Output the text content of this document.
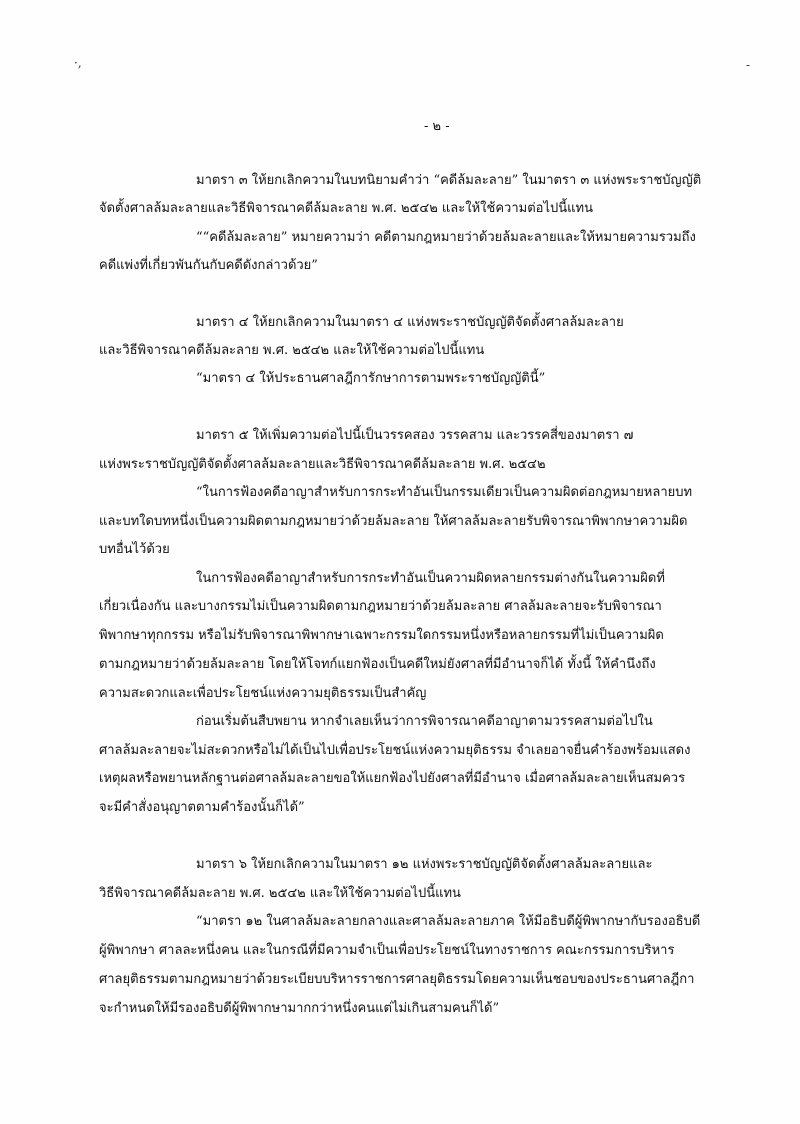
·,	-
- ๒ -
มาตรา ๓ ให้ยกเลิกความในบทนิยามคำว่า “คดีล้มละลาย” ในมาตรา ๓ แห่งพระราชบัญญัติ
จัดตั้งศาลล้มละลายและวิธีพิจารณาคดีล้มละลาย พ.ศ. ๒๕๔๒ และให้ใช้ความต่อไปนี้แทน
““คดีล้มละลาย” หมายความว่า คดีตามกฎหมายว่าด้วยล้มละลายและให้หมายความรวมถึง
คดีแพ่งที่เกี่ยวพันกันกับคดีดังกล่าวด้วย”
มาตรา ๔ ให้ยกเลิกความในมาตรา ๔ แห่งพระราชบัญญัติจัดตั้งศาลล้มละลาย
และวิธีพิจารณาคดีล้มละลาย พ.ศ. ๒๕๔๒ และให้ใช้ความต่อไปนี้แทน
“มาตรา ๔ ให้ประธานศาลฎีการักษาการตามพระราชบัญญัตินี้”
มาตรา ๕ ให้เพิ่มความต่อไปนี้เป็นวรรคสอง วรรคสาม และวรรคสี่ของมาตรา ๗
แห่งพระราชบัญญัติจัดตั้งศาลล้มละลายและวิธีพิจารณาคดีล้มละลาย พ.ศ. ๒๕๔๒
“ในการฟ้องคดีอาญาสำหรับการกระทำอันเป็นกรรมเดียวเป็นความผิดต่อกฎหมายหลายบท
และบทใดบทหนึ่งเป็นความผิดตามกฎหมายว่าด้วยล้มละลาย ให้ศาลล้มละลายรับพิจารณาพิพากษาความผิด
บทอื่นไว้ด้วย
ในการฟ้องคดีอาญาสำหรับการกระทำอันเป็นความผิดหลายกรรมต่างกันในความผิดที่
เกี่ยวเนื่องกัน และบางกรรมไม่เป็นความผิดตามกฎหมายว่าด้วยล้มละลาย ศาลล้มละลายจะรับพิจารณา
พิพากษาทุกกรรม หรือไม่รับพิจารณาพิพากษาเฉพาะกรรมใดกรรมหนึ่งหรือหลายกรรมที่ไม่เป็นความผิด
ตามกฎหมายว่าด้วยล้มละลาย โดยให้โจทก์แยกฟ้องเป็นคดีใหม่ยังศาลที่มีอำนาจก็ได้ ทั้งนี้ ให้คำนึงถึง
ความสะดวกและเพื่อประโยชน์แห่งความยุติธรรมเป็นสำคัญ
ก่อนเริ่มต้นสืบพยาน หากจำเลยเห็นว่าการพิจารณาคดีอาญาตามวรรคสามต่อไปใน
ศาลล้มละลายจะไม่สะดวกหรือไม่ได้เป็นไปเพื่อประโยชน์แห่งความยุติธรรม จำเลยอาจยื่นคำร้องพร้อมแสดง
เหตุผลหรือพยานหลักฐานต่อศาลล้มละลายขอให้แยกฟ้องไปยังศาลที่มีอำนาจ เมื่อศาลล้มละลายเห็นสมควร
จะมีคำสั่งอนุญาตตามคำร้องนั้นก็ได้”
มาตรา ๖ ให้ยกเลิกความในมาตรา ๑๒ แห่งพระราชบัญญัติจัดตั้งศาลล้มละลายและ
วิธีพิจารณาคดีล้มละลาย พ.ศ. ๒๕๔๒ และให้ใช้ความต่อไปนี้แทน
“มาตรา ๑๒ ในศาลล้มละลายกลางและศาลล้มละลายภาค ให้มีอธิบดีผู้พิพากษากับรองอธิบดี
ผู้พิพากษา ศาลละหนึ่งคน และในกรณีที่มีความจำเป็นเพื่อประโยชน์ในทางราชการ คณะกรรมการบริหาร
ศาลยุติธรรมตามกฎหมายว่าด้วยระเบียบบริหารราชการศาลยุติธรรมโดยความเห็นชอบของประธานศาลฎีกา
จะกำหนดให้มีรองอธิบดีผู้พิพากษามากกว่าหนึ่งคนแต่ไม่เกินสามคนก็ได้”
